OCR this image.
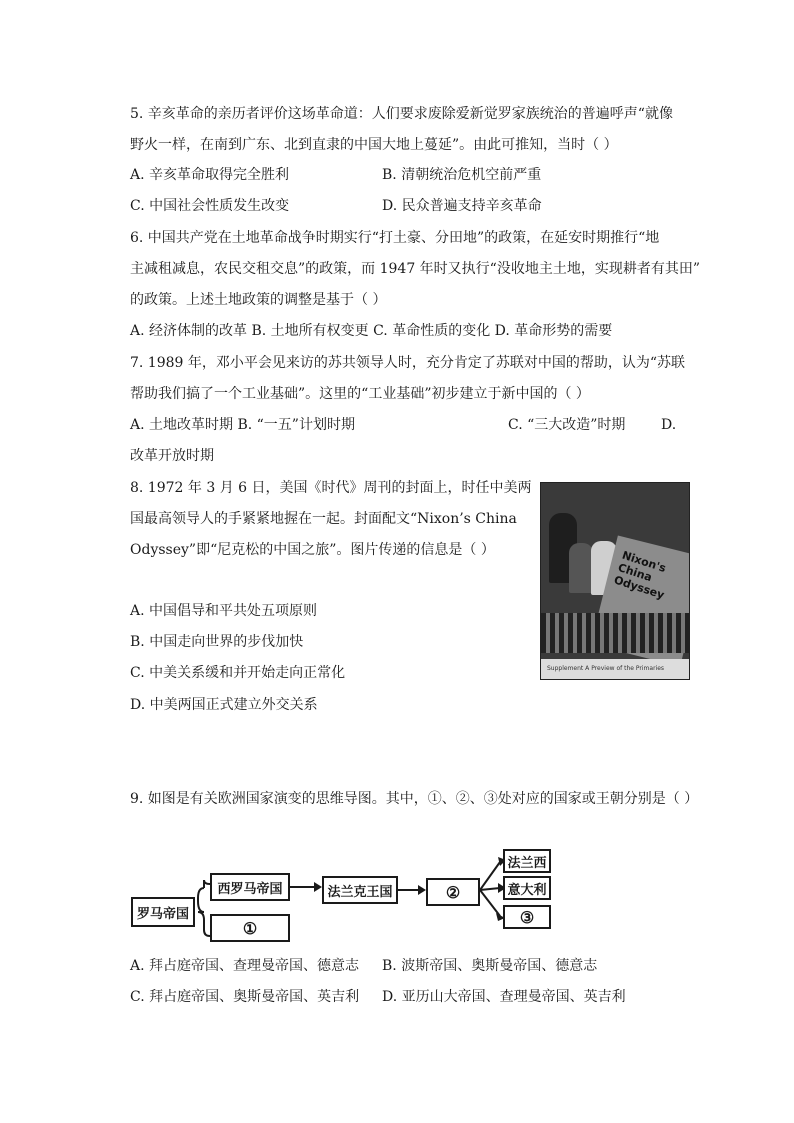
5. 辛亥革命的亲历者评价这场革命道：人们要求废除爱新觉罗家族统治的普遍呼声“就像
野火一样，在南到广东、北到直隶的中国大地上蔓延”。由此可推知，当时（ ）
A. 辛亥革命取得完全胜利	B. 清朝统治危机空前严重
C. 中国社会性质发生改变	D. 民众普遍支持辛亥革命
6. 中国共产党在土地革命战争时期实行“打土豪、分田地”的政策，在延安时期推行“地
主减租减息，农民交租交息”的政策，而 1947 年时又执行“没收地主土地，实现耕者有其田”
的政策。上述土地政策的调整是基于（ ）
A. 经济体制的改革 B. 土地所有权变更 C. 革命性质的变化 D. 革命形势的需要
7. 1989 年，邓小平会见来访的苏共领导人时，充分肯定了苏联对中国的帮助，认为“苏联
帮助我们搞了一个工业基础”。这里的“工业基础”初步建立于新中国的（ ）
A. 土地改革时期 B. “一五”计划时期	C. “三大改造”时期	D.
改革开放时期
8. 1972 年 3 月 6 日，美国《时代》周刊的封面上，时任中美两
国最高领导人的手紧紧地握在一起。封面配文“Nixon’s China
Odyssey”即“尼克松的中国之旅”。图片传递的信息是（ ）
A. 中国倡导和平共处五项原则
B. 中国走向世界的步伐加快
C. 中美关系缓和并开始走向正常化
D. 中美两国正式建立外交关系
Nixon's China Odyssey
Supplement A Preview of the Primaries
9. 如图是有关欧洲国家演变的思维导图。其中，①、②、③处对应的国家或王朝分别是（ ）
罗马帝国
西罗马帝国
①
法兰克王国	②
法兰西
意大利
③
A. 拜占庭帝国、查理曼帝国、德意志 B. 波斯帝国、奥斯曼帝国、德意志
C. 拜占庭帝国、奥斯曼帝国、英吉利 D. 亚历山大帝国、查理曼帝国、英吉利
